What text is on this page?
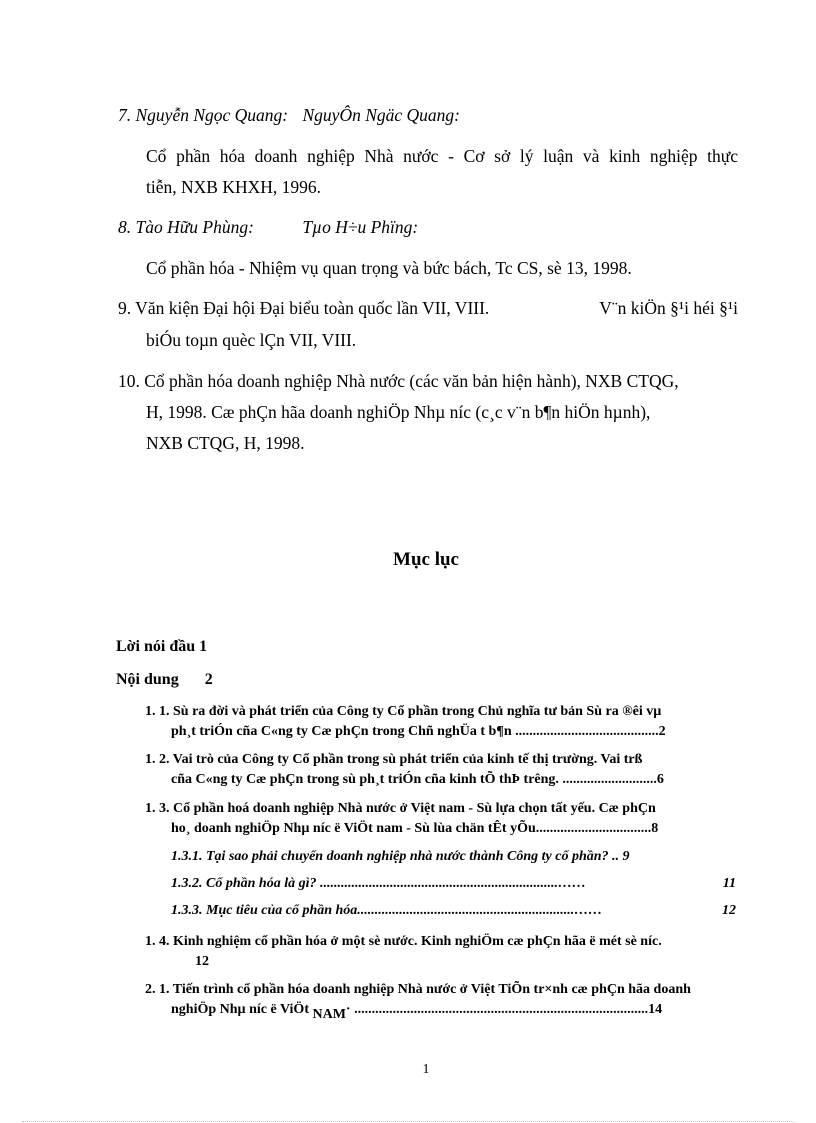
7. Nguyễn Ngọc Quang: NguyÔn Ngäc Quang:
Cổ phần hóa doanh nghiệp Nhà nước - Cơ sở lý luận và kinh nghiệp thực
tiễn, NXB KHXH, 1996.
8. Tào Hữu Phùng:	Tµo H÷u Phïng:
Cổ phần hóa - Nhiệm vụ quan trọng và bức bách, Tc CS, sè 13, 1998.
9. Văn kiện Đại hội Đại biểu toàn quốc lần VII, VIII.	V¨n kiÖn §¹i héi §¹i
biÓu toµn quèc lÇn VII, VIII.
10. Cổ phần hóa doanh nghiệp Nhà nước (các văn bản hiện hành), NXB CTQG,
H, 1998. Cæ phÇn hãa doanh nghiÖp Nhµ níc (c¸c v¨n b¶n hiÖn hµnh),
NXB CTQG, H, 1998.
Mục lục
Lời nói đầu 1
Nội dung 2
1. 1. Sù ra đời và phát triển của Công ty Cổ phần trong Chủ nghĩa tư bản Sù ra ®êi vµ
ph¸t triÓn cña C«ng ty Cæ phÇn trong Chñ nghÜa t b¶n .........................................2
1. 2. Vai trò của Công ty Cổ phần trong sù phát triển của kinh tế thị trường. Vai trß
cña C«ng ty Cæ phÇn trong sù ph¸t triÓn cña kinh tÕ thÞ trêng. ...........................6
1. 3. Cổ phần hoá doanh nghiệp Nhà nước ở Việt nam - Sù lựa chọn tất yếu. Cæ phÇn
ho¸ doanh nghiÖp Nhµ níc ë ViÖt nam - Sù lùa chän tÊt yÕu.................................8
1.3.1. Tại sao phải chuyển doanh nghiệp nhà nước thành Công ty cổ phần? .. 9
1.3.2. Cổ phần hóa là gì? ....................................................................……	11
1.3.3. Mục tiêu của cổ phần hóa..............................................................……	12
1. 4. Kinh nghiệm cổ phần hóa ở một sè nước. Kinh nghiÖm cæ phÇn hãa ë mét sè níc.
12
2. 1. Tiến trình cổ phần hóa doanh nghiệp Nhà nước ở Việt TiÕn tr×nh cæ phÇn hãa doanh
nghiÖp Nhµ níc ë ViÖt NAM· ....................................................................................14
1
